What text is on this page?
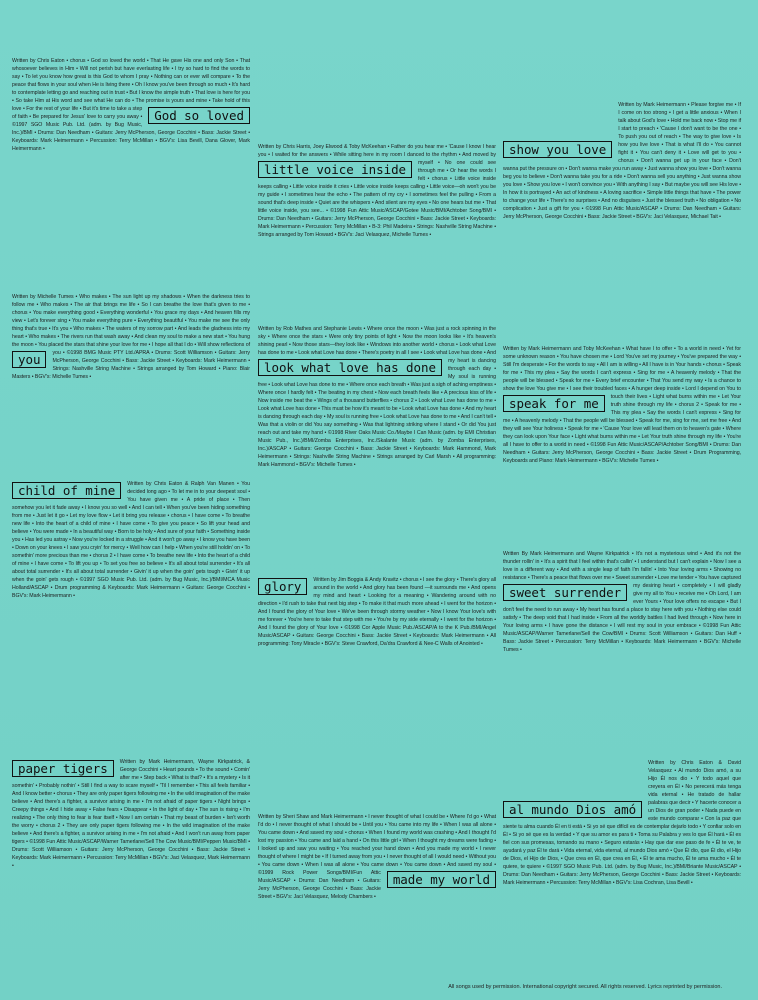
Written by Chris Eaton • chorus • God so loved the world • That He gave His one and only Son • That whosoever believes in Him • Will not perish but have everlasting life • I try so hard to find the words to say • To let you know how great is this God to whom I pray • Nothing can or ever will compare • To the peace that flows in your soul when He is living there • Oh I know you've been through so much • It's hard to contemplate letting go and reaching out in trust • But I know the simple truth • That love is here for you • So take Him at His word and see what He can do • The promise is yours and mine • Take hold of this love • For the rest	God so loved
of your life • But it's time to take a step of faith • Be prepared for Jesus' love to carry you away • ©1997 SGO Music Pub. Ltd. (adm. by Bug Music, Inc.)/BMI • Drums: Dan Needham • Guitars: Jerry McPherson, George Cocchini • Bass: Jackie Street • Keyboards: Mark Heimermann • Percussion: Terry McMillan • BGV's: Lisa Bevill, Dana Glover, Mark Heimermann •
Written by Michelle Tumes • Who makes • The sun light up my shadows • When the darkness tries to follow me • Who makes • The air that brings me life • So I can breathe the love that's given to me • chorus • You make everything good • Everything wonderful • You grace my days • And heaven fills my view • Let's forever sing • You make everything pure • Everything beautiful • You make me see the only thing that's true • It's you • Who makes • The waters of my sorrow part • And leads the gladness into my heart • Who makes • The rivers run that wash away • And clean my soul to make a new start • You hung the moon • You placed the stars that shine your love for me • I hope all that I do • Will show reflections of you
you	• ©1998 BMG Music PTY Ltd./APRA • Drums: Scott Williamson • Guitars: Jerry McPherson, George Cocchini • Bass: Jackie Street • Keyboards: Mark Heimermann • Strings: Nashville String Machine • Strings arranged by Tom Howard • Piano: Blair Masters • BGV's: Michelle Tumes •
child of mine	Written by Chris Eaton & Ralph Van Manen • You decided long ago • To let me in to your deepest soul • You have given me • A pride of place • Then somehow you let it fade away • I know you so well • And I can tell • When you've been hiding something from me • Just let it go • Let my love flow • Let it bring you release • chorus • I have come • To breathe new life • Into the heart of a child of mine • I have come • To give you peace • So lift your head and believe • You were made • In a beautiful way • Born to be holy • And sure of your faith • Something inside you • Has led you astray • Now you're locked in a struggle • And it won't go away • I know you have been • Down on your knees • I saw you cryin' for mercy • Well how can I help • When you're still holdin' on • To somethin' more precious than me • chorus 2 • I have come • To breathe new life • Into the heart of a child of mine • I have come • To lift you up • To set you free so believe • It's all about total surrender • It's all about total surrender • It's all about total surrender • Givin' it up when the goin' gets tough • Givin' it up when the goin' gets rough • ©1997 SGO Music Pub. Ltd. (adm. by Bug Music, Inc.)/BMI/MCA Music Holland/ASCAP • Drum programming & Keyboards: Mark Heimermann • Guitars: George Cocchini • BGV's: Mark Heimermann •
paper tigers	Written by Mark Heimermann, Wayne Kirkpatrick, & George Cocchini • Heart pounds • To the sound • Comin' after me • Step back • What is that? • It's a mystery • Is it somethin' • Probably nothin' • Still I find a way to scare myself • 'Til I remember • This all feels familiar • And I know better • chorus • They are only paper tigers following me • In the wild imagination of the make believe • And there's a fighter, a survivor arising in me • I'm not afraid of paper tigers • Night brings • Creepy things • And I hide away • False fears • Disappear • In the light of day • The sun is rising • I'm realizing • The only thing to fear is fear itself • Now I am certain • That my beast of burden • Isn't worth the worry • chorus 2 • They are only paper tigers following me • In the wild imagination of the make believe • And there's a fighter, a survivor arising in me • I'm not afraid • And I won't run away from paper tigers • ©1998 Fun Attic Music/ASCAP/Warner Tamerlane/Sell The Cow Music/BMI/Peppen Music/BMI • Drums: Scott Williamson • Guitars: Jerry McPherson, George Cocchini • Bass: Jackie Street • Keyboards: Mark Heimermann • Percussion: Terry McMillan • BGV's: Jaci Velasquez, Mark Heimermann •
Written by Chris Harris, Joey Elwood & Toby McKeehan • Father do you hear me • 'Cause I know I hear you • I waited for the answers • While sitting here in my room
little voice inside
I danced to the rhythm • And moved by myself • No one could see through me • Or hear the words I felt • chorus • Little voice inside keeps calling • Little voice inside it cries • Little voice inside keeps calling • Little voice—oh won't you be my guide • I sometimes hear the echo • The pattern of my cry • I sometimes feel the pulling • From a sound that's deep inside • Quiet are the whispers • And silent are my eyes • No one hears but me • That little voice inside, you see... • ©1998 Fun Attic Music/ASCAP/Gotee Music/BMI/Achtober Song/BMI • Drums: Dan Needham • Guitars: Jerry McPherson, George Cocchini • Bass: Jackie Street • Keyboards: Mark Heimermann • Percussion: Terry McMillan • B-3: Phil Madeira • Strings: Nashville String Machine • Strings arranged by Tom Howard • BGV's: Jaci Velasquez, Michelle Tumes •
Written by Rob Mathes and Stephanie Lewis • Where once the moon • Was just a rock spinning in the sky • Where once the stars • Were only tiny points of light • Now the moon looks like • It's heaven's shining pearl • Now those stars—they look like • Windows into another world • chorus • Look what Love has done to me • Look what
look what love has done
Love has done • There's poetry in all I see • Look what Love has done • And my heart is dancing through each day • My soul is running free • Look what Love has done to me • Where once each breath • Was just a sigh of aching emptiness • Where once I hardly felt • The beating in my chest • Now each breath feels like • A precious kiss of life • Now inside me beat the • Wings of a thousand butterflies • chorus 2 • Look what Love has done to me • Look what Love has done • This must be how it's meant to be • Look what Love has done • And my heart is dancing through each day • My soul is running free • Look what Love has done to me • And I can't tell • Was that a violin or did You say something • Was that lightning striking where I stand • Or did You just reach out and take my hand • ©1998 River Oaks Music Co./Maybe I Can Music (adm. by EMI Christian Music Pub., Inc.)/BMI/Zomba Enterprises, Inc./Skalante Music (adm. by Zomba Enterprises, Inc.)/ASCAP • Guitars: George Cocchini • Bass: Jackie Street • Keyboards: Mark Hammond, Mark Heimermann • Strings: Nashville String Machine • Strings arranged by Carl Marsh • All programming: Mark Hammond • BGV's: Michelle Tumes •
glory	Written by Jim Boggia & Andy Kravitz • chorus • I see the glory • There's glory all around in the world • And glory has been found —it surrounds me • And opens my mind and heart • Looking for a meaning • Wandering around with no direction • I'd rush to take that next big step • To make it that much more ahead • I went for the horizon • And I found the glory of Your love • We've been through stormy weather • Now I know Your love's with me forever • You're here to take that step with me • You're by my side eternally • I went for the horizon • And I found the glory of Your love • ©1998 Cor Apple Music Pub./ASCAP/A to the K Pub./BMI/Angel Music/ASCAP • Guitars: George Cocchini • Bass: Jackie Street • Keyboards: Mark Heimermann • All programming: Tony Miracle • BGV's: Steve Crawford, Da'dra Crawford & Nee-C Walls of Anointed •
Written by Sheri Shaw and Mark Heimermann • I never thought of what I could be • Where I'd go • What I'd do • I never thought of what I should be • Until you • You came into my life • When I was all alone • You came down • And saved my soul • chorus • When I found my world was crashing • And I thought I'd lost my passion • You came and laid a hand • On this little girl • When I thought my dreams were fading • I looked up and saw you waiting • You reached your hand down • And you made my world • I never thought of where I might be • If I turned away from you • I never thought of all I would need • Without you • You came down • When I was all alone • You came down • You came down • And saved my soul
made my world
• ©1999 Rock Power Songs/BMI/Fun Attic Music/ASCAP • Drums: Dan Needham • Guitars: Jerry McPherson, George Cocchini • Bass: Jackie Street • BGV's: Jaci Velasquez, Melody Chambers •
show you love
Written by Mark Heimermann • Please forgive me • If I come on too strong • I get a little anxious • When I talk about God's love • Hold me back now • Stop me if I start to preach • 'Cause I don't want to be the one • To push you out of reach • The way to give love • Is how you live love • That is what I'll do • You cannot fight it • You can't deny it • Love will get to you • chorus • Don't wanna get up in your face • Don't wanna put the pressure on • Don't wanna make you run away • Just wanna show you love • Don't wanna beg you to believe • Don't wanna take you for a ride • Don't wanna sell you anything • Just wanna show you love • Show you love • I won't convince you • With anything I say • But maybe you will see His love • In how it is portrayed • An act of kindness • A loving sacrifice • Simple little things that have • The power to change your life • There's no surprises • And no disguises • Just the blessed truth • No obligation • No complication • Just a gift for you • ©1998 Fun Attic Music/ASCAP • Drums: Dan Needham • Guitars: Jerry McPherson, George Cocchini • Bass: Jackie Street • BGV's: Jaci Velasquez, Michael Tait •
Written by Mark Heimermann and Toby McKeehan • What have I to offer • To a world in need • Yet for some unknown reason • You have chosen me • Lord You've set my journey • You've prepared the way • Still I'm desperate • For the words to say • All I am is willing • All I have is in Your hands • chorus • Speak for me • This my plea • Say the words I can't express • Sing for me • A heavenly melody • That the people will be blessed • Speak for me • Every brief encounter • That You send my way • Is a chance to show the love You give me • I see their troubled faces • A hunger deep inside • Lord I depend on You to touch their lives • Light what burns
speak for me	within me • Let Your truth shine through my life • chorus 2 • Speak for me • This my plea • Say the words I can't express • Sing for me • A heavenly melody • That the people will be blessed • Speak for me, sing for me, set me free • And they will see Your holiness • Speak for me • 'Cause Your love will lead them on to heaven's gate • Where they can look upon Your face • Light what burns within me • Let Your truth shine through my life • You're all I have to offer to a world in need • ©1998 Fun Attic Music/ASCAP/Achtober Song/BMI • Drums: Dan Needham • Guitars: Jerry McPherson, George Cocchini • Bass: Jackie Street • Drum Programming, Keyboards and Piano: Mark Heimermann • BGV's: Michelle Tumes •
Written By Mark Heimermann and Wayne Kirkpatrick • It's not a mysterious wind • And it's not the thunder rollin' in • It's a spirit that I feel within that's callin' • I understand but I can't explain • Now I see a love in a different way • And with a single leap of faith I'm fallin' • Into Your loving arms • Showing no resistance • There's a peace that flows over me • Sweet surrender • Love me tender • You have captured my desiring heart • completely •
sweet surrender	I will gladly give my all to You • receive me • Oh Lord, I am ever Yours • Your love offers no escape • But I don't feel the need to run away • My heart has found a place to stay here with you • Nothing else could satisfy • The deep void that I had inside • From all the worldly battles I had lived through • Now here in Your loving arms • I have gone the distance • I will rest my soul in your embrace • ©1998 Fun Attic Music/ASCAP/Warner Tamerlane/Sell the Cow/BMI • Drums: Scott Williamson • Guitars: Dan Huff • Bass: Jackie Street • Percussion: Terry McMillan • Keyboards: Mark Heimermann • BGV's: Michelle Tumes •
al mundo Dios amó
Written by Chris Eaton & David Velasquez • Al mundo Dios amó, a su Hijo Él nos dio • Y todo aquel que creyera en Él • No perecerá más tenga vida eternal • He tratado de hallar palabras que decir • Y hacerte conocer a un Dios de gran poder • Nada puede en este mundo comparar • Con la paz que siente tu alma cuando Él en ti está • Si yo sé que difícil es de contemplar dejarlo todo • Y confiar solo en Él • Si yo sé que es la verdad • Y que su amor es para ti • Toma su Palabra y ves lo que Él hará • Él es fiel con sus promesas, tomando su mano • Seguro estarás • Hay que dar ese paso de fe • Él te ve, te ayudará y paz Él te dará • Vida eternal, vida eternal, al mundo Dios amó • Que Él dio, que Él dio, el Hijo de Dios, el Hijo de Dios, • Que crea en Él, que crea en Él, • Él te ama mucho, Él te ama mucho • Él te quiere, te quiere • ©1997 SGO Music Pub. Ltd. (adm. by Bug Music, Inc.)/BMI/Briante Music/ASCAP • Drums: Dan Needham • Guitars: Jerry McPherson, George Cocchini • Bass: Jackie Street • Keyboards: Mark Heimermann • Percussion: Terry McMillan • BGV's: Lisa Cochran, Lisa Bevill •
All songs used by permission. International copyright secured. All rights reserved. Lyrics reprinted by permission.
